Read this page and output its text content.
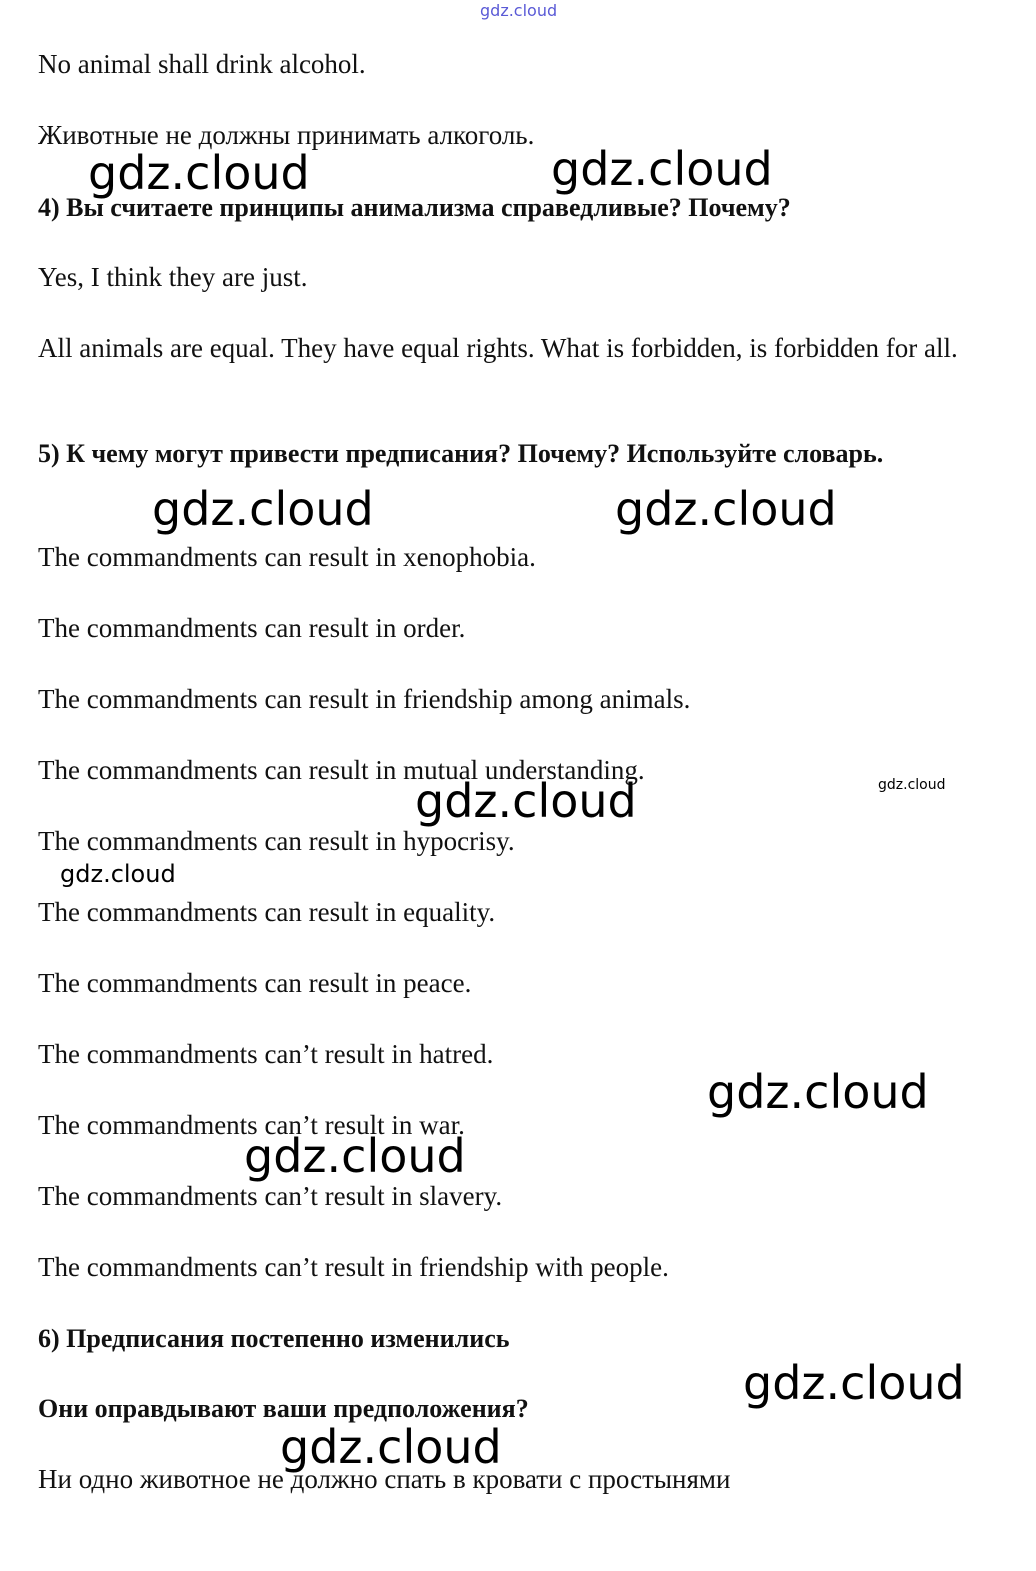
gdz.cloud
No animal shall drink alcohol.
Животные не должны принимать алкоголь.
4) Вы считаете принципы анимализма справедливые? Почему?
Yes, I think they are just.
All animals are equal. They have equal rights. What is forbidden, is forbidden for all.
5) К чему могут привести предписания? Почему? Используйте словарь.
The commandments can result in xenophobia.
The commandments can result in order.
The commandments can result in friendship among animals.
The commandments can result in mutual understanding.
The commandments can result in hypocrisy.
The commandments can result in equality.
The commandments can result in peace.
The commandments can’t result in hatred.
The commandments can’t result in war.
The commandments can’t result in slavery.
The commandments can’t result in friendship with people.
6) Предписания постепенно изменились
Они оправдывают ваши предположения?
Ни одно животное не должно спать в кровати с простынями
gdz.cloud	gdz.cloud
gdz.cloud	gdz.cloud
gdz.cloud	gdz.cloud
gdz.cloud
gdz.cloud
gdz.cloud
gdz.cloud
gdz.cloud
